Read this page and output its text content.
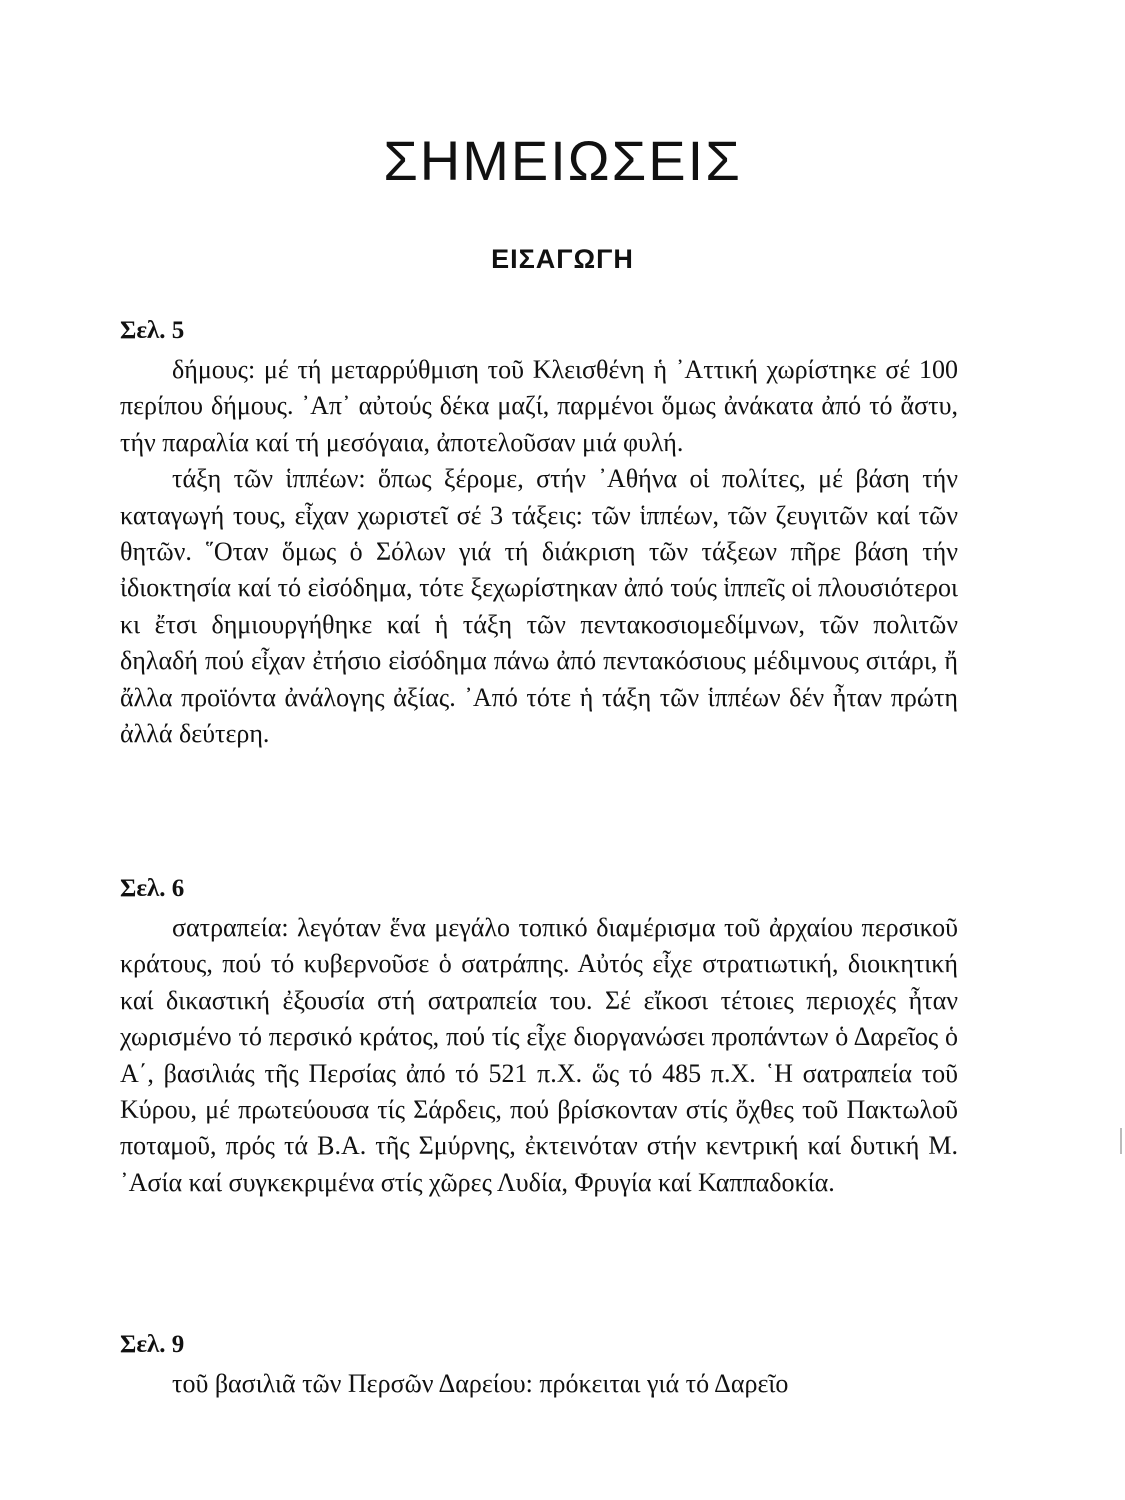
ΣΗΜΕΙΩΣΕΙΣ
ΕΙΣΑΓΩΓΗ
Σελ. 5

δήμους: μέ τή μεταρρύθμιση τοῦ Κλεισθένη ἡ ᾿Αττική χωρίστηκε σέ 100 περίπου δήμους. ᾿Απ᾿ αὐτούς δέκα μαζί, παρμένοι ὅμως ἀνάκατα ἀπό τό ἄστυ, τήν παραλία καί τή μεσόγαια, ἀποτελοῦσαν μιά φυλή.

τάξη τῶν ἱππέων: ὅπως ξέρομε, στήν ᾿Αθήνα οἱ πολίτες, μέ βάση τήν καταγωγή τους, εἶχαν χωριστεῖ σέ 3 τάξεις: τῶν ἱππέων, τῶν ζευγιτῶν καί τῶν θητῶν. ῞Οταν ὅμως ὁ Σόλων γιά τή διάκριση τῶν τάξεων πῆρε βάση τήν ἰδιοκτησία καί τό εἰσόδημα, τότε ξεχωρίστηκαν ἀπό τούς ἱππεῖς οἱ πλουσιότεροι κι ἔτσι δημιουργήθηκε καί ἡ τάξη τῶν πεντακοσιομεδίμνων, τῶν πολιτῶν δηλαδή πού εἶχαν ἐτήσιο εἰσόδημα πάνω ἀπό πεντακόσιους μέδιμνους σιτάρι, ἤ ἄλλα προϊόντα ἀνάλογης ἀξίας. ᾿Από τότε ἡ τάξη τῶν ἱππέων δέν ἦταν πρώτη ἀλλά δεύτερη.

Σελ. 6

σατραπεία: λεγόταν ἕνα μεγάλο τοπικό διαμέρισμα τοῦ ἀρχαίου περσικοῦ κράτους, πού τό κυβερνοῦσε ὁ σατράπης. Αὐτός εἶχε στρατιωτική, διοικητική καί δικαστική ἐξουσία στή σατραπεία του. Σέ εἴκοσι τέτοιες περιοχές ἦταν χωρισμένο τό περσικό κράτος, πού τίς εἶχε διοργανώσει προπάντων ὁ Δαρεῖος ὁ Α΄, βασιλιάς τῆς Περσίας ἀπό τό 521 π.Χ. ὥς τό 485 π.Χ. ῾Η σατραπεία τοῦ Κύρου, μέ πρωτεύουσα τίς Σάρδεις, πού βρίσκονταν στίς ὄχθες τοῦ Πακτωλοῦ ποταμοῦ, πρός τά Β.Α. τῆς Σμύρνης, ἐκτεινόταν στήν κεντρική καί δυτική Μ. ᾿Ασία καί συγκεκριμένα στίς χῶρες Λυδία, Φρυγία καί Καππαδοκία.

Σελ. 9

τοῦ βασιλιᾶ τῶν Περσῶν Δαρείου: πρόκειται γιά τό Δαρεῖο
